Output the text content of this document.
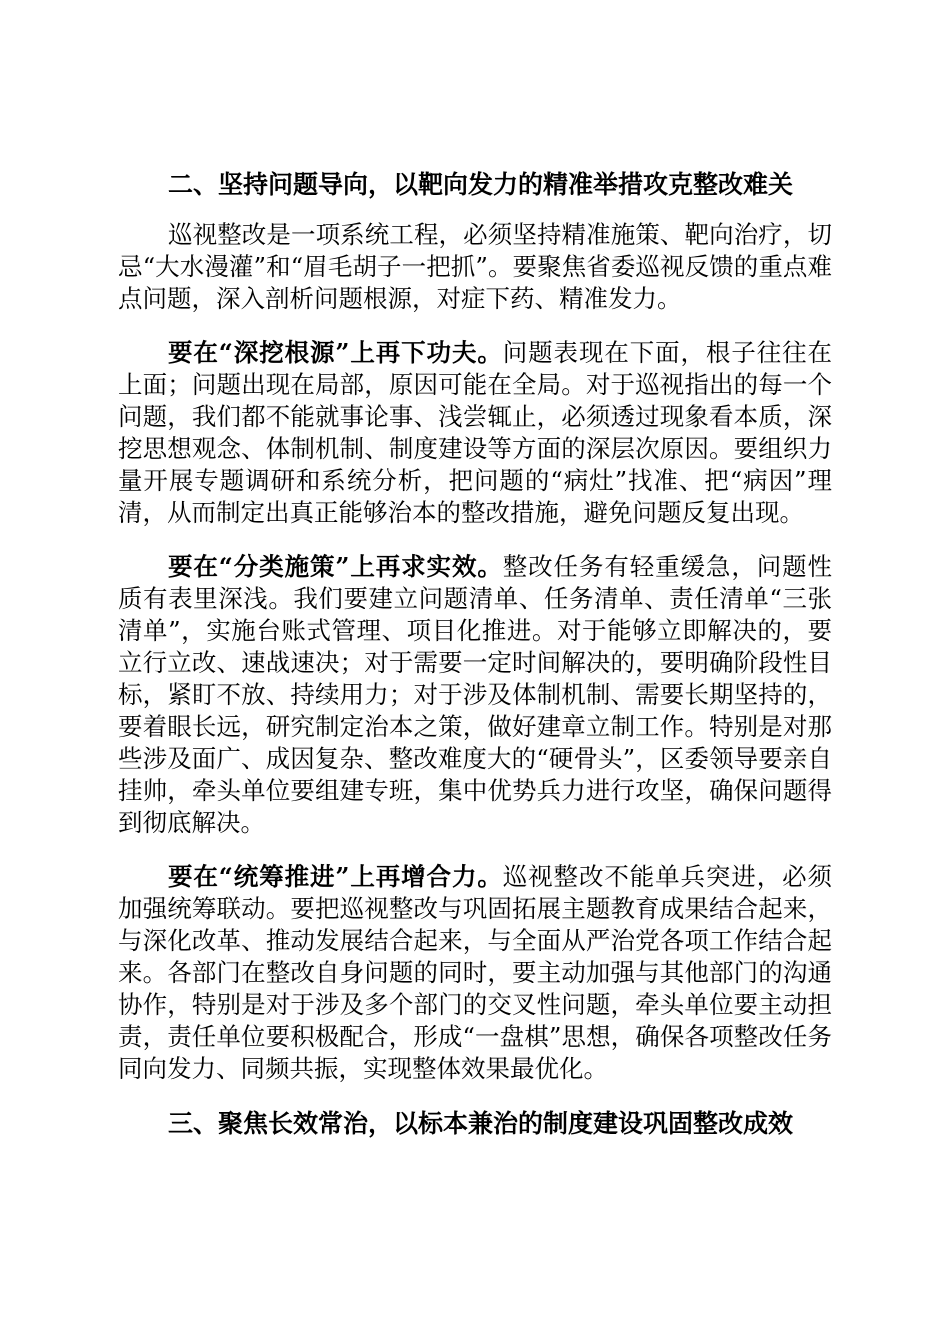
二、坚持问题导向，以靶向发力的精准举措攻克整改难关

巡视整改是一项系统工程，必须坚持精准施策、靶向治疗，切忌“大水漫灌”和“眉毛胡子一把抓”。要聚焦省委巡视反馈的重点难点问题，深入剖析问题根源，对症下药、精准发力。

要在“深挖根源”上再下功夫。问题表现在下面，根子往往在上面；问题出现在局部，原因可能在全局。对于巡视指出的每一个问题，我们都不能就事论事、浅尝辄止，必须透过现象看本质，深挖思想观念、体制机制、制度建设等方面的深层次原因。要组织力量开展专题调研和系统分析，把问题的“病灶”找准、把“病因”理清，从而制定出真正能够治本的整改措施，避免问题反复出现。

要在“分类施策”上再求实效。整改任务有轻重缓急，问题性质有表里深浅。我们要建立问题清单、任务清单、责任清单“三张清单”，实施台账式管理、项目化推进。对于能够立即解决的，要立行立改、速战速决；对于需要一定时间解决的，要明确阶段性目标，紧盯不放、持续用力；对于涉及体制机制、需要长期坚持的，要着眼长远，研究制定治本之策，做好建章立制工作。特别是对那些涉及面广、成因复杂、整改难度大的“硬骨头”，区委领导要亲自挂帅，牵头单位要组建专班，集中优势兵力进行攻坚，确保问题得到彻底解决。

要在“统筹推进”上再增合力。巡视整改不能单兵突进，必须加强统筹联动。要把巡视整改与巩固拓展主题教育成果结合起来，与深化改革、推动发展结合起来，与全面从严治党各项工作结合起来。各部门在整改自身问题的同时，要主动加强与其他部门的沟通协作，特别是对于涉及多个部门的交叉性问题，牵头单位要主动担责，责任单位要积极配合，形成“一盘棋”思想，确保各项整改任务同向发力、同频共振，实现整体效果最优化。

三、聚焦长效常治，以标本兼治的制度建设巩固整改成效
